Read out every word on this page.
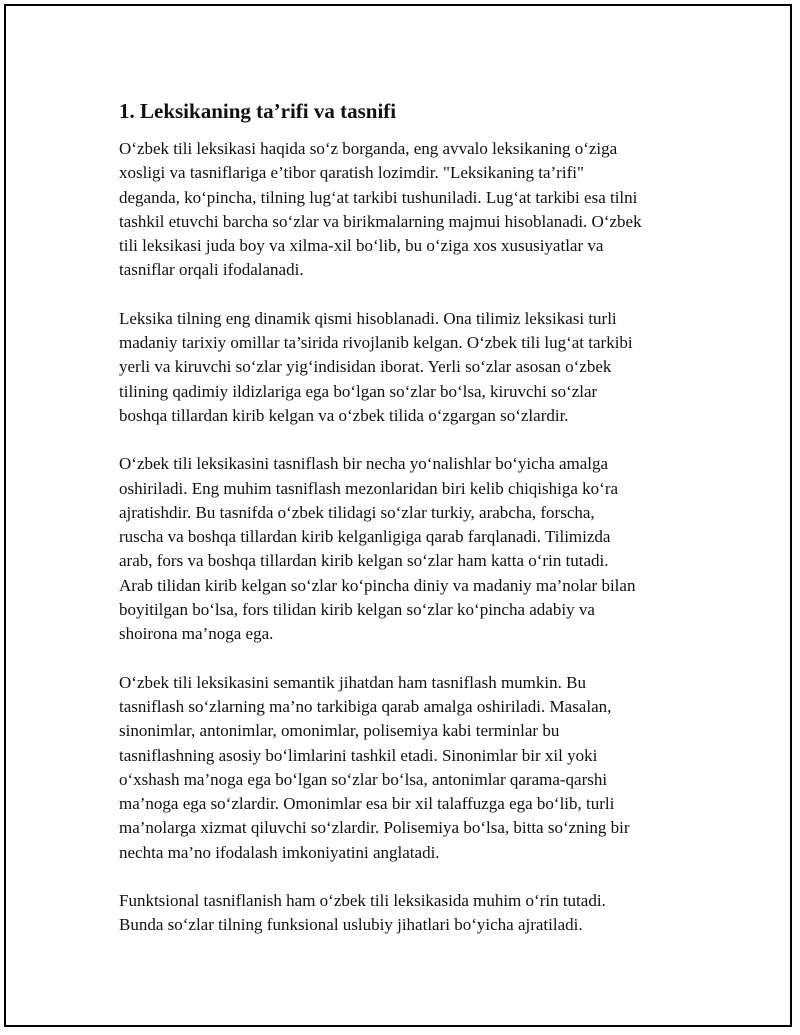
1. Leksikaning ta’rifi va tasnifi

O‘zbek tili leksikasi haqida so‘z borganda, eng avvalo leksikaning o‘ziga
xosligi va tasniflariga e’tibor qaratish lozimdir. "Leksikaning ta’rifi"
deganda, ko‘pincha, tilning lug‘at tarkibi tushuniladi. Lug‘at tarkibi esa tilni
tashkil etuvchi barcha so‘zlar va birikmalarning majmui hisoblanadi. O‘zbek
tili leksikasi juda boy va xilma-xil bo‘lib, bu o‘ziga xos xususiyatlar va
tasniflar orqali ifodalanadi.

Leksika tilning eng dinamik qismi hisoblanadi. Ona tilimiz leksikasi turli
madaniy tarixiy omillar ta’sirida rivojlanib kelgan. O‘zbek tili lug‘at tarkibi
yerli va kiruvchi so‘zlar yig‘indisidan iborat. Yerli so‘zlar asosan o‘zbek
tilining qadimiy ildizlariga ega bo‘lgan so‘zlar bo‘lsa, kiruvchi so‘zlar
boshqa tillardan kirib kelgan va o‘zbek tilida o‘zgargan so‘zlardir.

O‘zbek tili leksikasini tasniflash bir necha yo‘nalishlar bo‘yicha amalga
oshiriladi. Eng muhim tasniflash mezonlaridan biri kelib chiqishiga ko‘ra
ajratishdir. Bu tasnifda o‘zbek tilidagi so‘zlar turkiy, arabcha, forscha,
ruscha va boshqa tillardan kirib kelganligiga qarab farqlanadi. Tilimizda
arab, fors va boshqa tillardan kirib kelgan so‘zlar ham katta o‘rin tutadi.
Arab tilidan kirib kelgan so‘zlar ko‘pincha diniy va madaniy ma’nolar bilan
boyitilgan bo‘lsa, fors tilidan kirib kelgan so‘zlar ko‘pincha adabiy va
shoirona ma’noga ega.

O‘zbek tili leksikasini semantik jihatdan ham tasniflash mumkin. Bu
tasniflash so‘zlarning ma’no tarkibiga qarab amalga oshiriladi. Masalan,
sinonimlar, antonimlar, omonimlar, polisemiya kabi terminlar bu
tasniflashning asosiy bo‘limlarini tashkil etadi. Sinonimlar bir xil yoki
o‘xshash ma’noga ega bo‘lgan so‘zlar bo‘lsa, antonimlar qarama-qarshi
ma’noga ega so‘zlardir. Omonimlar esa bir xil talaffuzga ega bo‘lib, turli
ma’nolarga xizmat qiluvchi so‘zlardir. Polisemiya bo‘lsa, bitta so‘zning bir
nechta ma’no ifodalash imkoniyatini anglatadi.

Funktsional tasniflanish ham o‘zbek tili leksikasida muhim o‘rin tutadi.
Bunda so‘zlar tilning funksional uslubiy jihatlari bo‘yicha ajratiladi.
